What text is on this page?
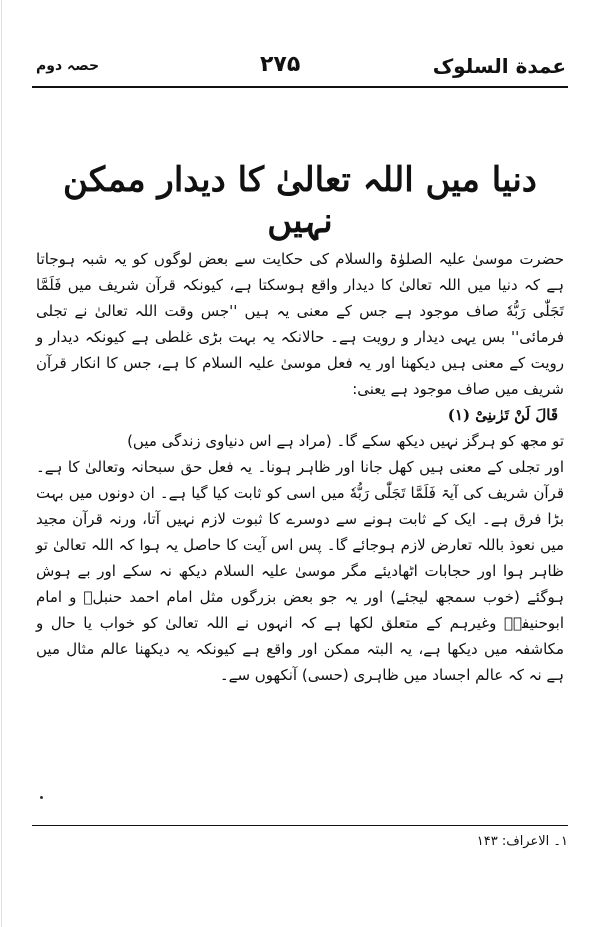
عمدة السلوک
۲۷۵
حصہ دوم
دنیا میں اللہ تعالیٰ کا دیدار ممکن نہیں

حضرت موسیٰ علیہ الصلوٰۃ والسلام کی حکایت سے بعض لوگوں کو یہ شبہ ہوجاتا ہے کہ دنیا میں اللہ تعالیٰ کا دیدار واقع ہوسکتا ہے، کیونکہ قرآن شریف میں فَلَمَّا تَجَلّٰى رَبُّهٗ صاف موجود ہے جس کے معنی یہ ہیں ''جس وقت اللہ تعالیٰ نے تجلی فرمائی'' بس یہی دیدار و رویت ہے۔ حالانکہ یہ بہت بڑی غلطی ہے کیونکہ دیدار و رویت کے معنی ہیں دیکھنا اور یہ فعل موسیٰ علیہ السلام کا ہے، جس کا انکار قرآن شریف میں صاف موجود ہے یعنی:

قَالَ لَنْ تَرٰىنِیْ (۱)

تو مجھ کو ہرگز نہیں دیکھ سکے گا۔ (مراد ہے اس دنیاوی زندگی میں)

اور تجلی کے معنی ہیں کھل جانا اور ظاہر ہونا۔ یہ فعل حق سبحانہ وتعالیٰ کا ہے۔ قرآن شریف کی آیۃ فَلَمَّا تَجَلّٰى رَبُّهٗ میں اسی کو ثابت کیا گیا ہے۔ ان دونوں میں بہت بڑا فرق ہے۔ ایک کے ثابت ہونے سے دوسرے کا ثبوت لازم نہیں آتا، ورنہ قرآن مجید میں نعوذ باللہ تعارض لازم ہوجائے گا۔ پس اس آیت کا حاصل یہ ہوا کہ اللہ تعالیٰ تو ظاہر ہوا اور حجابات اٹھادیئے مگر موسیٰ علیہ السلام دیکھ نہ سکے اور بے ہوش ہوگئے (خوب سمجھ لیجئے) اور یہ جو بعض بزرگوں مثل امام احمد حنبلؒ و امام ابوحنیفہؒ وغیرہم کے متعلق لکھا ہے کہ انہوں نے اللہ تعالیٰ کو خواب یا حال و مکاشفہ میں دیکھا ہے، یہ البتہ ممکن اور واقع ہے کیونکہ یہ دیکھنا عالم مثال میں ہے نہ کہ عالم اجساد میں ظاہری (حسی) آنکھوں سے۔

۱۔ الاعراف: ۱۴۳
